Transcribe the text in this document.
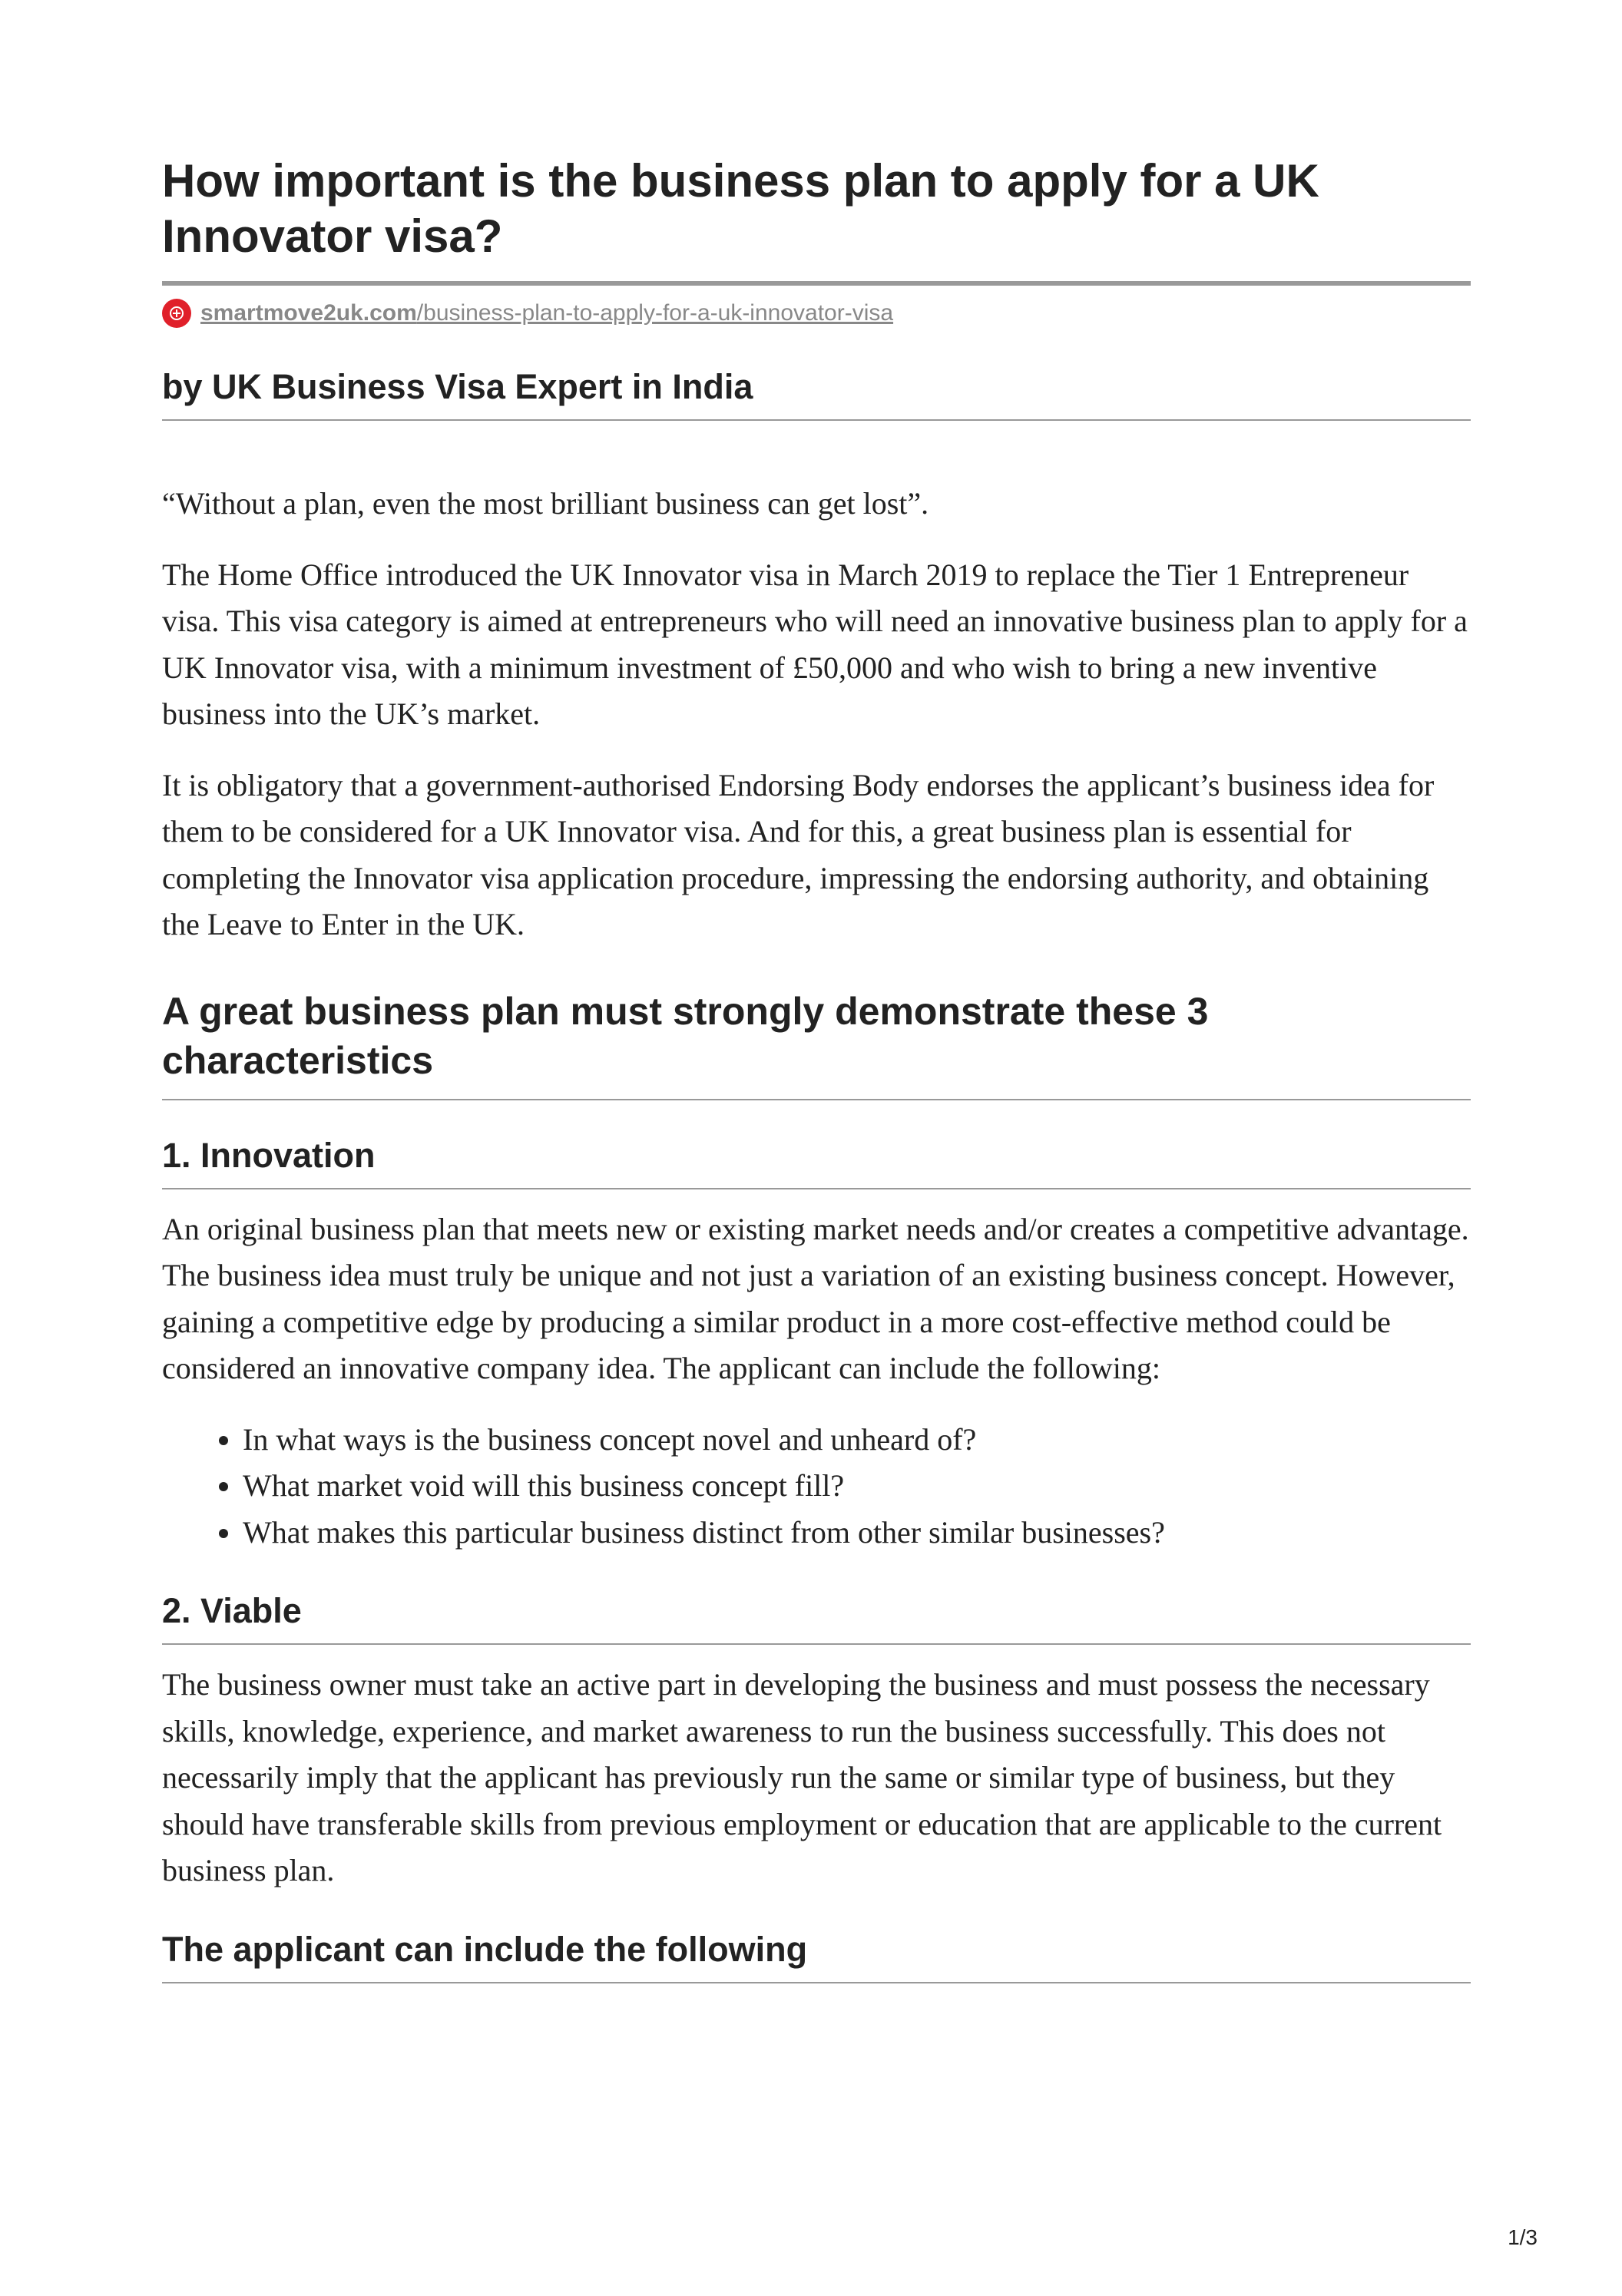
How important is the business plan to apply for a UK Innovator visa?
smartmove2uk.com/business-plan-to-apply-for-a-uk-innovator-visa
by UK Business Visa Expert in India

“Without a plan, even the most brilliant business can get lost”.

The Home Office introduced the UK Innovator visa in March 2019 to replace the Tier 1 Entrepreneur visa. This visa category is aimed at entrepreneurs who will need an innovative business plan to apply for a UK Innovator visa, with a minimum investment of £50,000 and who wish to bring a new inventive business into the UK’s market.

It is obligatory that a government-authorised Endorsing Body endorses the applicant’s business idea for them to be considered for a UK Innovator visa. And for this, a great business plan is essential for completing the Innovator visa application procedure, impressing the endorsing authority, and obtaining the Leave to Enter in the UK.

A great business plan must strongly demonstrate these 3 characteristics
1. Innovation

An original business plan that meets new or existing market needs and/or creates a competitive advantage. The business idea must truly be unique and not just a variation of an existing business concept. However, gaining a competitive edge by producing a similar product in a more cost-effective method could be considered an innovative company idea. The applicant can include the following:

• In what ways is the business concept novel and unheard of?
• What market void will this business concept fill?
• What makes this particular business distinct from other similar businesses?
2. Viable

The business owner must take an active part in developing the business and must possess the necessary skills, knowledge, experience, and market awareness to run the business successfully. This does not necessarily imply that the applicant has previously run the same or similar type of business, but they should have transferable skills from previous employment or education that are applicable to the current business plan.

The applicant can include the following
1/3
